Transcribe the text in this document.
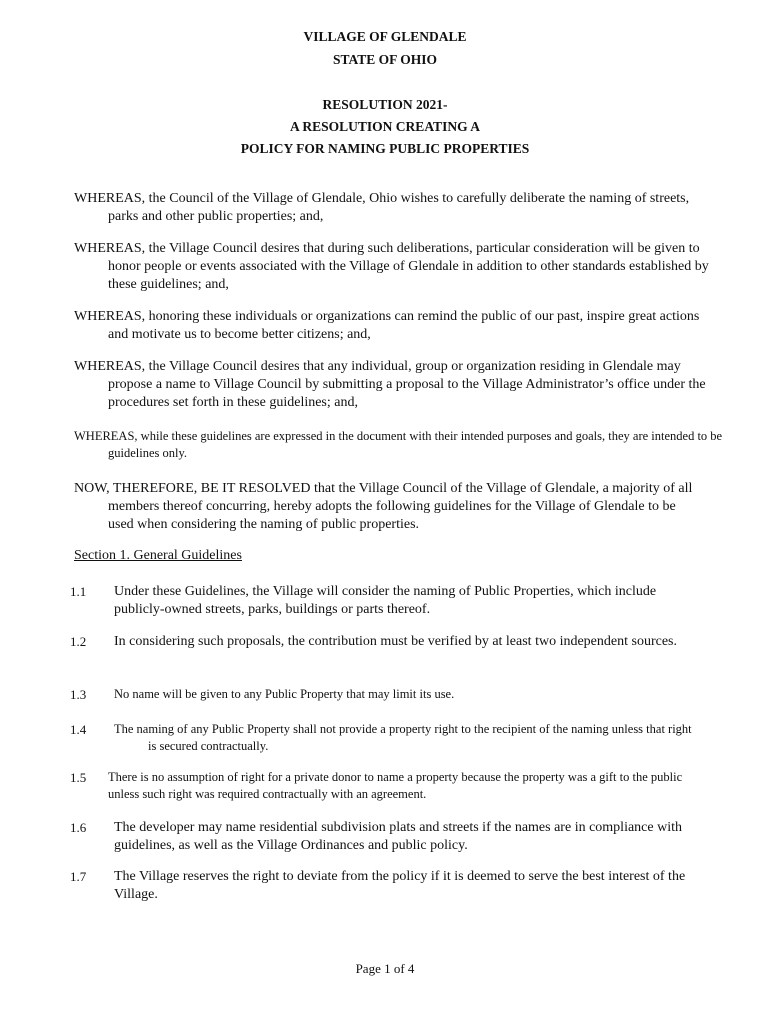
VILLAGE OF GLENDALE
STATE OF OHIO
RESOLUTION 2021-
A RESOLUTION CREATING A
POLICY FOR NAMING PUBLIC PROPERTIES

WHEREAS, the Council of the Village of Glendale, Ohio wishes to carefully deliberate the naming of streets, parks and other public properties; and,

WHEREAS, the Village Council desires that during such deliberations, particular consideration will be given to honor people or events associated with the Village of Glendale in addition to other standards established by these guidelines; and,

WHEREAS, honoring these individuals or organizations can remind the public of our past, inspire great actions and motivate us to become better citizens; and,

WHEREAS, the Village Council desires that any individual, group or organization residing in Glendale may propose a name to Village Council by submitting a proposal to the Village Administrator’s office under the procedures set forth in these guidelines; and,

WHEREAS, while these guidelines are expressed in the document with their intended purposes and goals, they are intended to be guidelines only.

NOW, THEREFORE, BE IT RESOLVED that the Village Council of the Village of Glendale, a majority of all members thereof concurring, hereby adopts the following guidelines for the Village of Glendale to be used when considering the naming of public properties.

Section 1. General Guidelines
1.1 Under these Guidelines, the Village will consider the naming of Public Properties, which include publicly-owned streets, parks, buildings or parts thereof.
1.2 In considering such proposals, the contribution must be verified by at least two independent sources.
1.3 No name will be given to any Public Property that may limit its use.
1.4 The naming of any Public Property shall not provide a property right to the recipient of the naming unless that right is secured contractually.
1.5 There is no assumption of right for a private donor to name a property because the property was a gift to the public unless such right was required contractually with an agreement.
1.6 The developer may name residential subdivision plats and streets if the names are in compliance with guidelines, as well as the Village Ordinances and public policy.
1.7 The Village reserves the right to deviate from the policy if it is deemed to serve the best interest of the Village.
Page 1 of 4
